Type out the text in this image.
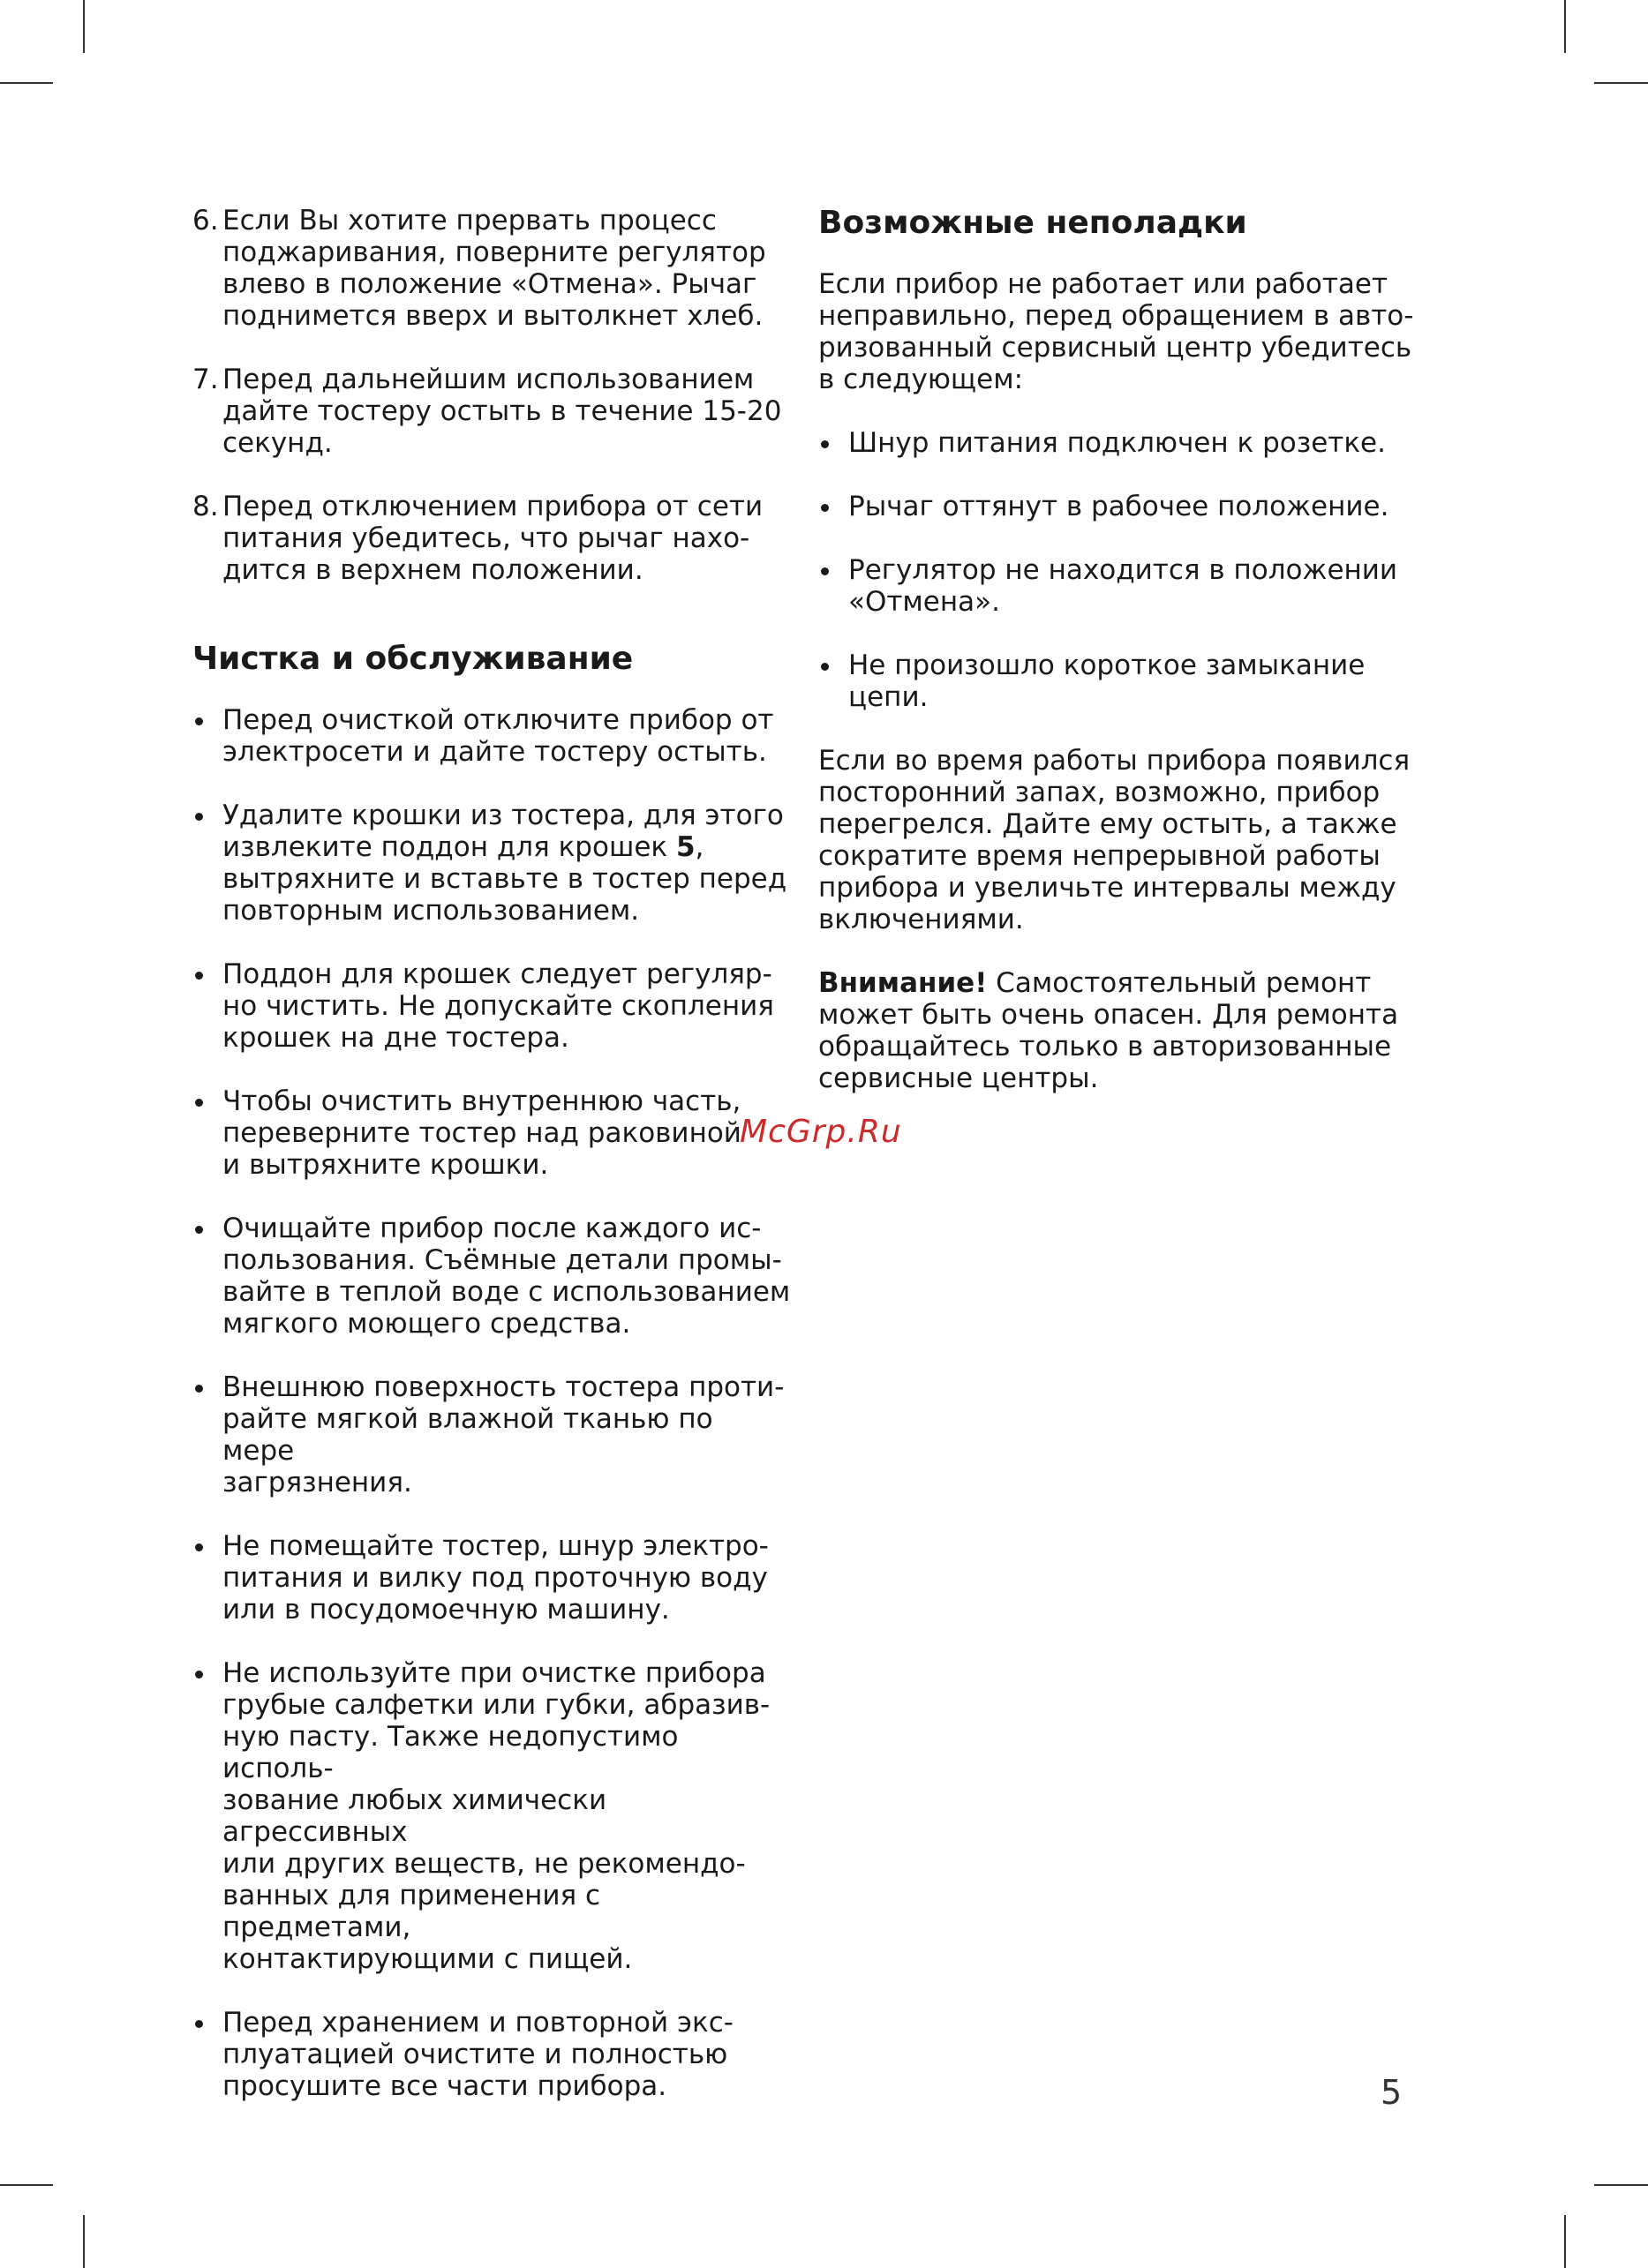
6. Если Вы хотите прервать процесс
поджаривания, поверните регулятор
влево в положение «Отмена». Рычаг
поднимется вверх и вытолкнет хлеб.

7. Перед дальнейшим использованием
дайте тостеру остыть в течение 15-20
секунд.

8. Перед отключением прибора от сети
питания убедитесь, что рычаг нахо-
дится в верхнем положении.

Чистка и обслуживание

Перед очисткой отключите прибор от
электросети и дайте тостеру остыть.

Удалите крошки из тостера, для этого
извлеките поддон для крошек 5,
вытряхните и вставьте в тостер перед
повторным использованием.

Поддон для крошек следует регуляр-
но чистить. Не допускайте скопления
крошек на дне тостера.

Чтобы очистить внутреннюю часть,
переверните тостер над раковиной
и вытряхните крошки.

Очищайте прибор после каждого ис-
пользования. Съёмные детали промы-
вайте в теплой воде с использованием
мягкого моющего средства.

Внешнюю поверхность тостера проти-
райте мягкой влажной тканью по мере
загрязнения.

Не помещайте тостер, шнур электро-
питания и вилку под проточную воду
или в посудомоечную машину.

Не используйте при очистке прибора
грубые салфетки или губки, абразив-
ную пасту. Также недопустимо исполь-
зование любых химически агрессивных
или других веществ, не рекомендо-
ванных для применения с предметами,
контактирующими с пищей.

Перед хранением и повторной экс-
плуатацией очистите и полностью
просушите все части прибора.

Возможные неполадки

Если прибор не работает или работает
неправильно, перед обращением в авто-
ризованный сервисный центр убедитесь
в следующем:

Шнур питания подключен к розетке.

Рычаг оттянут в рабочее положение.

Регулятор не находится в положении
«Отмена».

Не произошло короткое замыкание
цепи.

Если во время работы прибора появился
посторонний запах, возможно, прибор
перегрелся. Дайте ему остыть, а также
сократите время непрерывной работы
прибора и увеличьте интервалы между
включениями.

Внимание! Самостоятельный ремонт
может быть очень опасен. Для ремонта
обращайтесь только в авторизованные
сервисные центры.

McGrp.Ru
5
